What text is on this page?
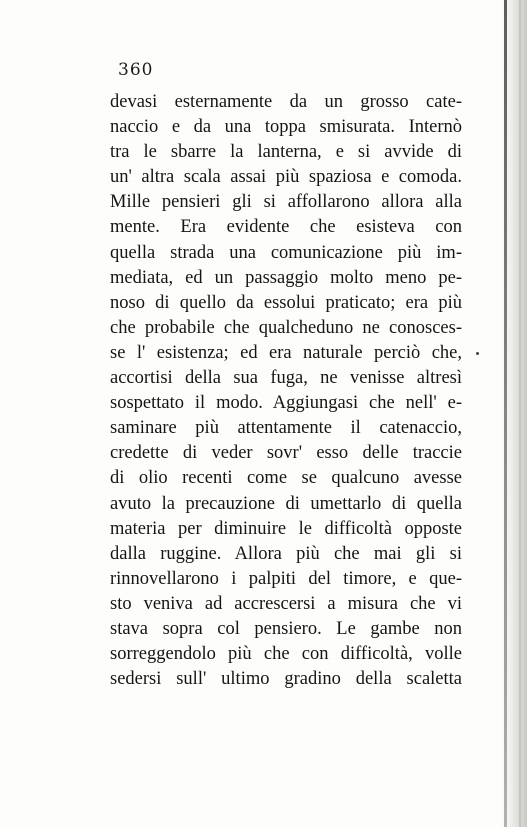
360
devasi esternamente da un grosso cate-
naccio e da una toppa smisurata. Internò
tra le sbarre la lanterna, e si avvide di
un' altra scala assai più spaziosa e comoda.
Mille pensieri gli si affollarono allora alla
mente. Era evidente che esisteva con
quella strada una comunicazione più im-
mediata, ed un passaggio molto meno pe-
noso di quello da essolui praticato; era più
che probabile che qualcheduno ne conosces-
se l' esistenza; ed era naturale perciò che,
accortisi della sua fuga, ne venisse altresì
sospettato il modo. Aggiungasi che nell' e-
saminare più attentamente il catenaccio,
credette di veder sovr' esso delle traccie
di olio recenti come se qualcuno avesse
avuto la precauzione di umettarlo di quella
materia per diminuire le difficoltà opposte
dalla ruggine. Allora più che mai gli si
rinnovellarono i palpiti del timore, e que-
sto veniva ad accrescersi a misura che vi
stava sopra col pensiero. Le gambe non
sorreggendolo più che con difficoltà, volle
sedersi sull' ultimo gradino della scaletta
